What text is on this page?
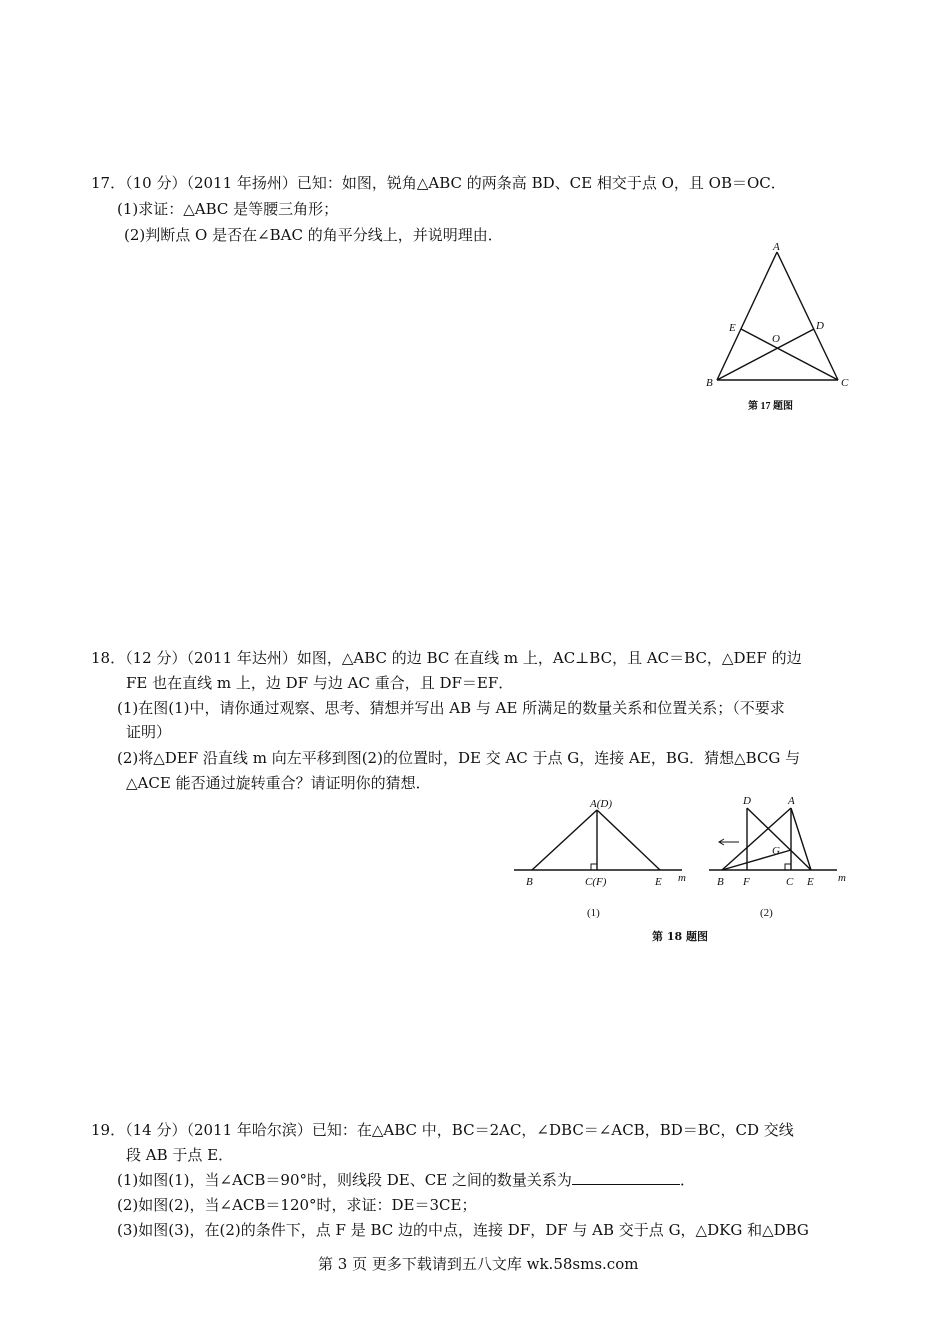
17．（10 分）（2011 年扬州）已知：如图，锐角△ABC 的两条高 BD、CE 相交于点 O，且 OB＝OC．
(1)求证：△ABC 是等腰三角形；
(2)判断点 O 是否在∠BAC 的角平分线上，并说明理由．
A
B	C
D
E
O
第 17 题图
18．（12 分）（2011 年达州）如图，△ABC 的边 BC 在直线 m 上，AC⊥BC，且 AC＝BC，△DEF 的边
FE 也在直线 m 上，边 DF 与边 AC 重合，且 DF＝EF．
(1)在图(1)中，请你通过观察、思考、猜想并写出 AB 与 AE 所满足的数量关系和位置关系；（不要求
证明）
(2)将△DEF 沿直线 m 向左平移到图(2)的位置时，DE 交 AC 于点 G，连接 AE，BG．猜想△BCG 与
△ACE 能否通过旋转重合？请证明你的猜想．
A(D)
B	C(F)	E m
(1)
D	A
G
B F	C E m
(2)
第 18 题图
19．（14 分）（2011 年哈尔滨）已知：在△ABC 中，BC＝2AC，∠DBC＝∠ACB，BD＝BC，CD 交线
段 AB 于点 E．
(1)如图(1)，当∠ACB＝90°时，则线段 DE、CE 之间的数量关系为	．
(2)如图(2)，当∠ACB＝120°时，求证：DE＝3CE；
(3)如图(3)，在(2)的条件下，点 F 是 BC 边的中点，连接 DF，DF 与 AB 交于点 G，△DKG 和△DBG
第 3 页 更多下载请到五八文库 wk.58sms.com
